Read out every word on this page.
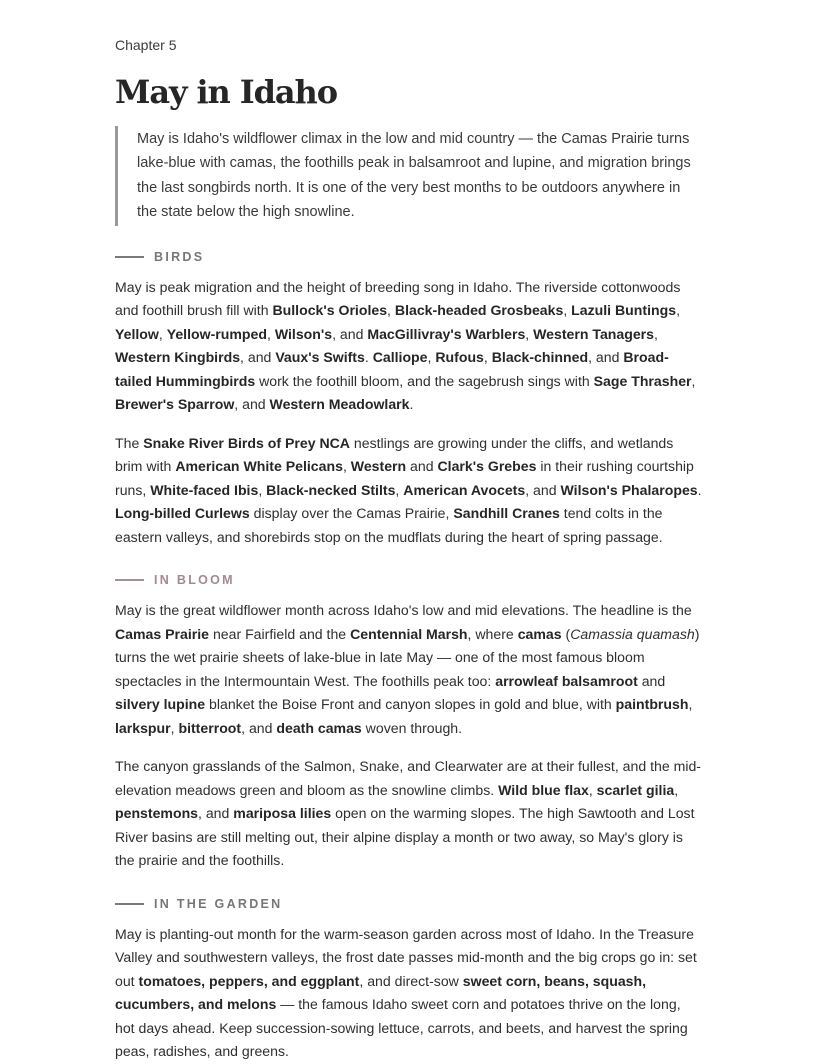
Chapter 5

May in Idaho
May is Idaho's wildflower climax in the low and mid country — the Camas Prairie turns lake-blue with camas, the foothills peak in balsamroot and lupine, and migration brings the last songbirds north. It is one of the very best months to be outdoors anywhere in the state below the high snowline.
BIRDS

May is peak migration and the height of breeding song in Idaho. The riverside cottonwoods and foothill brush fill with Bullock's Orioles, Black-headed Grosbeaks, Lazuli Buntings, Yellow, Yellow-rumped, Wilson's, and MacGillivray's Warblers, Western Tanagers, Western Kingbirds, and Vaux's Swifts. Calliope, Rufous, Black-chinned, and Broad-tailed Hummingbirds work the foothill bloom, and the sagebrush sings with Sage Thrasher, Brewer's Sparrow, and Western Meadowlark.

The Snake River Birds of Prey NCA nestlings are growing under the cliffs, and wetlands brim with American White Pelicans, Western and Clark's Grebes in their rushing courtship runs, White-faced Ibis, Black-necked Stilts, American Avocets, and Wilson's Phalaropes. Long-billed Curlews display over the Camas Prairie, Sandhill Cranes tend colts in the eastern valleys, and shorebirds stop on the mudflats during the heart of spring passage.

IN BLOOM

May is the great wildflower month across Idaho's low and mid elevations. The headline is the Camas Prairie near Fairfield and the Centennial Marsh, where camas (Camassia quamash) turns the wet prairie sheets of lake-blue in late May — one of the most famous bloom spectacles in the Intermountain West. The foothills peak too: arrowleaf balsamroot and silvery lupine blanket the Boise Front and canyon slopes in gold and blue, with paintbrush, larkspur, bitterroot, and death camas woven through.

The canyon grasslands of the Salmon, Snake, and Clearwater are at their fullest, and the mid-elevation meadows green and bloom as the snowline climbs. Wild blue flax, scarlet gilia, penstemons, and mariposa lilies open on the warming slopes. The high Sawtooth and Lost River basins are still melting out, their alpine display a month or two away, so May's glory is the prairie and the foothills.

IN THE GARDEN

May is planting-out month for the warm-season garden across most of Idaho. In the Treasure Valley and southwestern valleys, the frost date passes mid-month and the big crops go in: set out tomatoes, peppers, and eggplant, and direct-sow sweet corn, beans, squash, cucumbers, and melons — the famous Idaho sweet corn and potatoes thrive on the long, hot days ahead. Keep succession-sowing lettuce, carrots, and beets, and harvest the spring peas, radishes, and greens.
